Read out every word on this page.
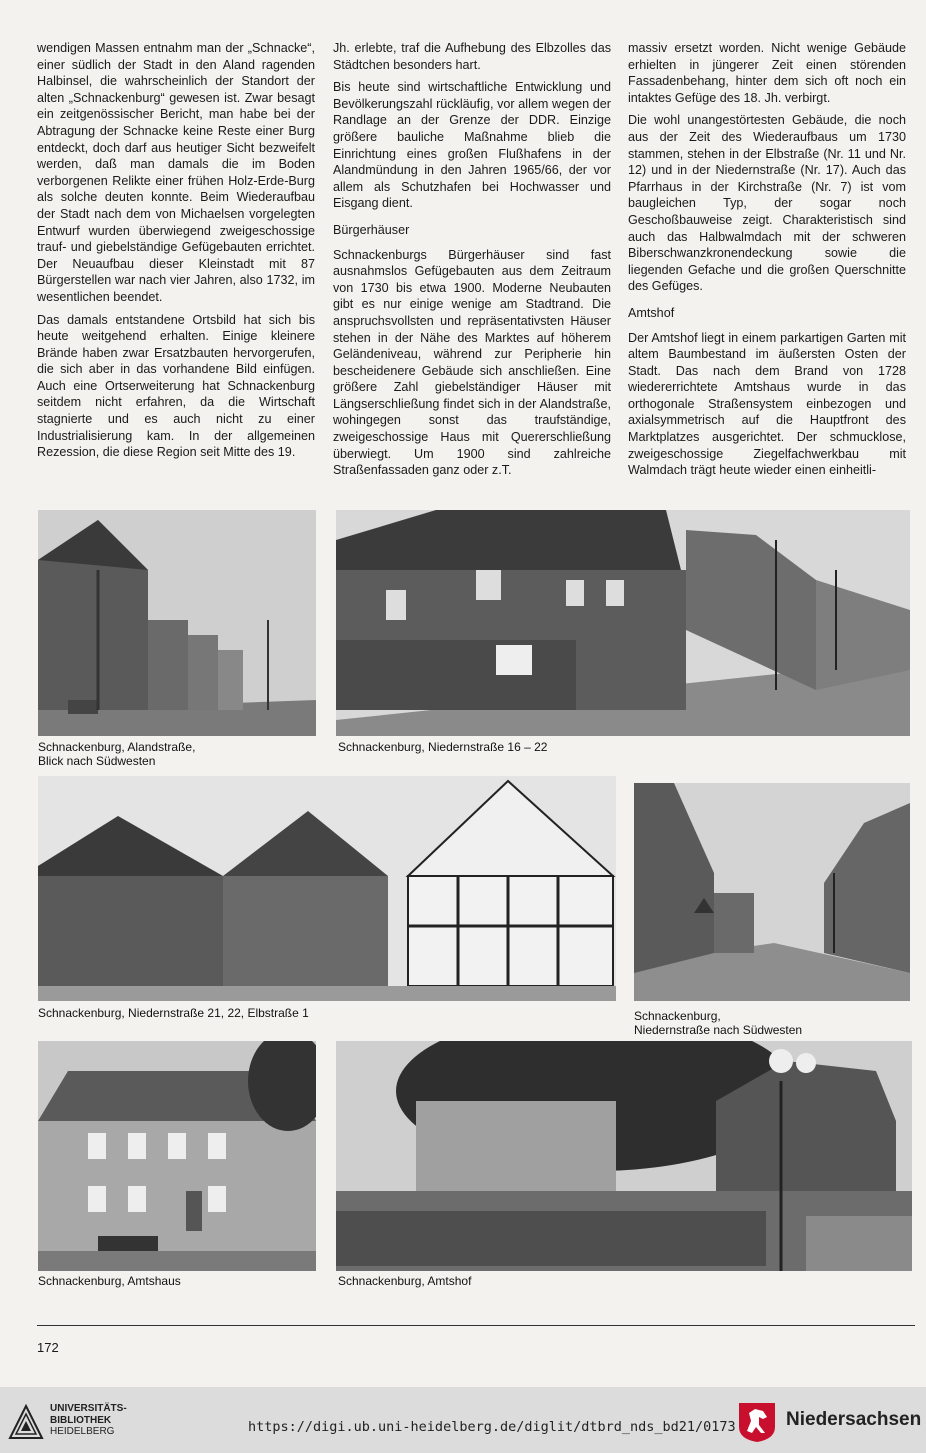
wendigen Massen entnahm man der „Schnacke“, einer südlich der Stadt in den Aland ragenden Halbinsel, die wahrscheinlich der Standort der alten „Schnackenburg“ gewesen ist. Zwar besagt ein zeitgenössischer Bericht, man habe bei der Abtragung der Schnacke keine Reste einer Burg entdeckt, doch darf aus heutiger Sicht bezweifelt werden, daß man damals die im Boden verborgenen Relikte einer frühen Holz-Erde-Burg als solche deuten konnte. Beim Wiederaufbau der Stadt nach dem von Michaelsen vorgelegten Entwurf wurden überwiegend zweigeschossige trauf- und giebelständige Gefügebauten errichtet. Der Neuaufbau dieser Kleinstadt mit 87 Bürgerstellen war nach vier Jahren, also 1732, im wesentlichen beendet.

Das damals entstandene Ortsbild hat sich bis heute weitgehend erhalten. Einige kleinere Brände haben zwar Ersatzbauten hervorgerufen, die sich aber in das vorhandene Bild einfügen. Auch eine Ortserweiterung hat Schnackenburg seitdem nicht erfahren, da die Wirtschaft stagnierte und es auch nicht zu einer Industrialisierung kam. In der allgemeinen Rezession, die diese Region seit Mitte des 19.

Jh. erlebte, traf die Aufhebung des Elbzolles das Städtchen besonders hart.

Bis heute sind wirtschaftliche Entwicklung und Bevölkerungszahl rückläufig, vor allem wegen der Randlage an der Grenze der DDR. Einzige größere bauliche Maßnahme blieb die Einrichtung eines großen Flußhafens in der Alandmündung in den Jahren 1965/66, der vor allem als Schutzhafen bei Hochwasser und Eisgang dient.

Bürgerhäuser

Schnackenburgs Bürgerhäuser sind fast ausnahmslos Gefügebauten aus dem Zeitraum von 1730 bis etwa 1900. Moderne Neubauten gibt es nur einige wenige am Stadtrand. Die anspruchsvollsten und repräsentativsten Häuser stehen in der Nähe des Marktes auf höherem Geländeniveau, während zur Peripherie hin bescheidenere Gebäude sich anschließen. Eine größere Zahl giebelständiger Häuser mit Längserschließung findet sich in der Alandstraße, wohingegen sonst das traufständige, zweigeschossige Haus mit Quererschließung überwiegt. Um 1900 sind zahlreiche Straßenfassaden ganz oder z.T.

massiv ersetzt worden. Nicht wenige Gebäude erhielten in jüngerer Zeit einen störenden Fassadenbehang, hinter dem sich oft noch ein intaktes Gefüge des 18. Jh. verbirgt.

Die wohl unangestörtesten Gebäude, die noch aus der Zeit des Wiederaufbaus um 1730 stammen, stehen in der Elbstraße (Nr. 11 und Nr. 12) und in der Niedernstraße (Nr. 17). Auch das Pfarrhaus in der Kirchstraße (Nr. 7) ist vom baugleichen Typ, der sogar noch Geschoßbauweise zeigt. Charakteristisch sind auch das Halbwalmdach mit der schweren Biberschwanzkronendeckung sowie die liegenden Gefache und die großen Querschnitte des Gefüges.

Amtshof

Der Amtshof liegt in einem parkartigen Garten mit altem Baumbestand im äußersten Osten der Stadt. Das nach dem Brand von 1728 wiedererrichtete Amtshaus wurde in das orthogonale Straßensystem einbezogen und axialsymmetrisch auf die Hauptfront des Marktplatzes ausgerichtet. Der schmucklose, zweigeschossige Ziegelfachwerkbau mit Walmdach trägt heute wieder einen einheitli-

Schnackenburg, Alandstraße,
Blick nach Südwesten
Schnackenburg, Niedernstraße 16 – 22
Schnackenburg, Niedernstraße 21, 22, Elbstraße 1	Schnackenburg,
Niedernstraße nach Südwesten
Schnackenburg, Amtshaus	Schnackenburg, Amtshof
172
UNIVERSITÄTS-
BIBLIOTHEK
HEIDELBERG	https://digi.ub.uni-heidelberg.de/diglit/dtbrd_nds_bd21/0173	Niedersachsen
